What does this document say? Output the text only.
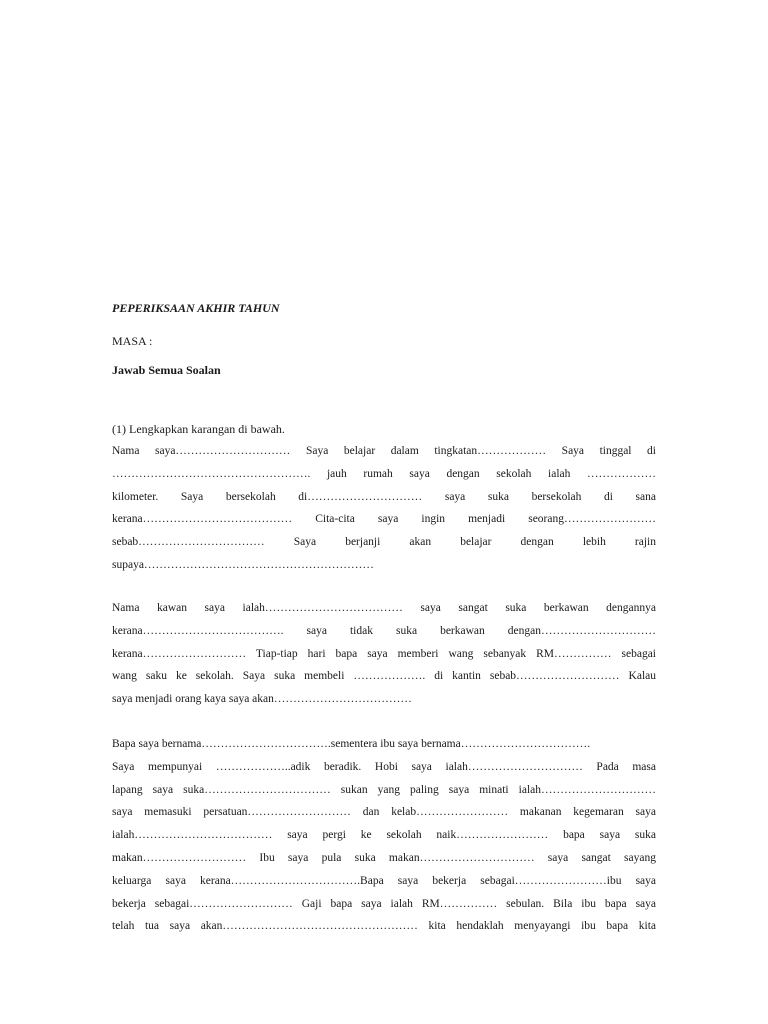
PEPERIKSAAN AKHIR TAHUN
MASA :
Jawab Semua Soalan
(1) Lengkapkan karangan di bawah.
Nama saya………………………… Saya belajar dalam tingkatan……………… Saya tinggal di
……………………………………………. jauh rumah saya dengan sekolah ialah ………………
kilometer. Saya bersekolah di………………………… saya suka bersekolah di sana
kerana………………………………… Cita-cita saya ingin menjadi seorang……………………
sebab…………………………… Saya berjanji akan belajar dengan lebih rajin
supaya……………………………………………………
Nama kawan saya ialah……………………………… saya sangat suka berkawan dengannya
kerana………………………………. saya tidak suka berkawan dengan…………………………
kerana……………………… Tiap-tiap hari bapa saya memberi wang sebanyak RM…………… sebagai
wang saku ke sekolah. Saya suka membeli ………………. di kantin sebab……………………… Kalau
saya menjadi orang kaya saya akan………………………………
Bapa saya bernama…………………………….sementera ibu saya bernama…………………………….
Saya mempunyai ………………..adik beradik. Hobi saya ialah………………………… Pada masa
lapang saya suka…………………………… sukan yang paling saya minati ialah…………………………
saya memasuki persatuan……………………… dan kelab…………………… makanan kegemaran saya
ialah……………………………… saya pergi ke sekolah naik…………………… bapa saya suka
makan……………………… Ibu saya pula suka makan………………………… saya sangat sayang
keluarga saya kerana…………………………….Bapa saya bekerja sebagai……………………ibu saya
bekerja sebagai……………………… Gaji bapa saya ialah RM…………… sebulan. Bila ibu bapa saya
telah tua saya akan…………………………………………… kita hendaklah menyayangi ibu bapa kita
